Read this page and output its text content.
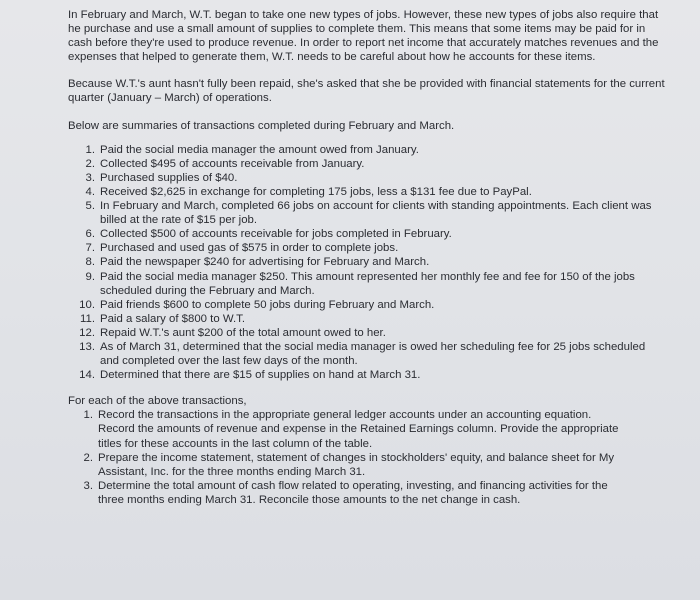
In February and March, W.T. began to take one new types of jobs. However, these new types of jobs also require that he purchase and use a small amount of supplies to complete them. This means that some items may be paid for in cash before they're used to produce revenue. In order to report net income that accurately matches revenues and the expenses that helped to generate them, W.T. needs to be careful about how he accounts for these items.

Because W.T.'s aunt hasn't fully been repaid, she's asked that she be provided with financial statements for the current quarter (January – March) of operations.

Below are summaries of transactions completed during February and March.

1. Paid the social media manager the amount owed from January.
2. Collected $495 of accounts receivable from January.
3. Purchased supplies of $40.
4. Received $2,625 in exchange for completing 175 jobs, less a $131 fee due to PayPal.
5. In February and March, completed 66 jobs on account for clients with standing appointments. Each client was billed at the rate of $15 per job.
6. Collected $500 of accounts receivable for jobs completed in February.
7. Purchased and used gas of $575 in order to complete jobs.
8. Paid the newspaper $240 for advertising for February and March.
9. Paid the social media manager $250. This amount represented her monthly fee and fee for 150 of the jobs scheduled during the February and March.
10. Paid friends $600 to complete 50 jobs during February and March.
11. Paid a salary of $800 to W.T.
12. Repaid W.T.'s aunt $200 of the total amount owed to her.
13. As of March 31, determined that the social media manager is owed her scheduling fee for 25 jobs scheduled and completed over the last few days of the month.
14. Determined that there are $15 of supplies on hand at March 31.

For each of the above transactions,

1. Record the transactions in the appropriate general ledger accounts under an accounting equation. Record the amounts of revenue and expense in the Retained Earnings column. Provide the appropriate titles for these accounts in the last column of the table.
2. Prepare the income statement, statement of changes in stockholders' equity, and balance sheet for My Assistant, Inc. for the three months ending March 31.
3. Determine the total amount of cash flow related to operating, investing, and financing activities for the three months ending March 31. Reconcile those amounts to the net change in cash.
